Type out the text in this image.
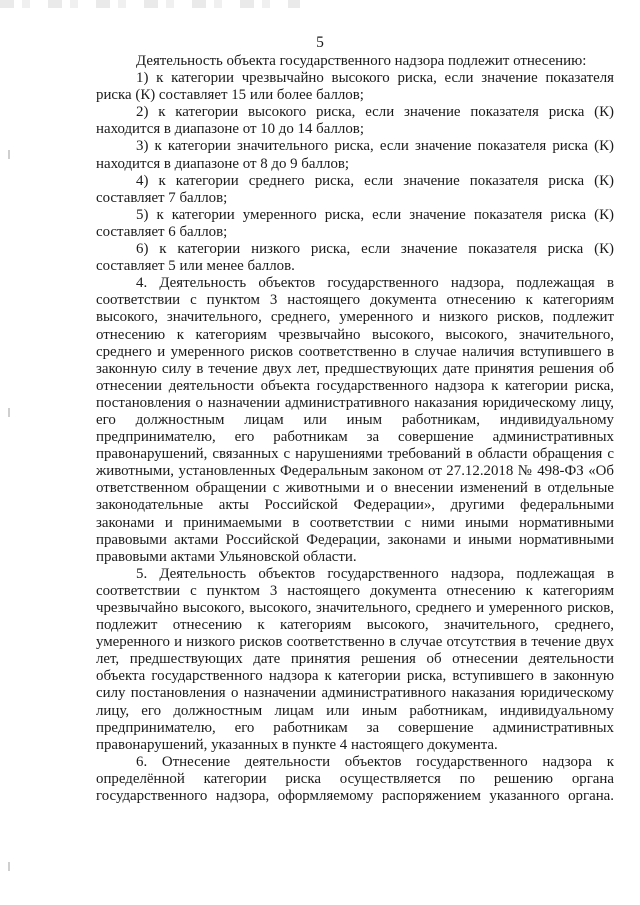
5

Деятельность объекта государственного надзора подлежит отнесению:

1) к категории чрезвычайно высокого риска, если значение показателя риска (К) составляет 15 или более баллов;

2) к категории высокого риска, если значение показателя риска (К) находится в диапазоне от 10 до 14 баллов;

3) к категории значительного риска, если значение показателя риска (К) находится в диапазоне от 8 до 9 баллов;

4) к категории среднего риска, если значение показателя риска (К) составляет 7 баллов;

5) к категории умеренного риска, если значение показателя риска (К) составляет 6 баллов;

6) к категории низкого риска, если значение показателя риска (К) составляет 5 или менее баллов.

4. Деятельность объектов государственного надзора, подлежащая в соответствии с пунктом 3 настоящего документа отнесению к категориям высокого, значительного, среднего, умеренного и низкого рисков, подлежит отнесению к категориям чрезвычайно высокого, высокого, значительного, среднего и умеренного рисков соответственно в случае наличия вступившего в законную силу в течение двух лет, предшествующих дате принятия решения об отнесении деятельности объекта государственного надзора к категории риска, постановления о назначении административного наказания юридическому лицу, его должностным лицам или иным работникам, индивидуальному предпринимателю, его работникам за совершение административных правонарушений, связанных с нарушениями требований в области обращения с животными, установленных Федеральным законом от 27.12.2018 № 498-ФЗ «Об ответственном обращении с животными и о внесении изменений в отдельные законодательные акты Российской Федерации», другими федеральными законами и принимаемыми в соответствии с ними иными нормативными правовыми актами Российской Федерации, законами и иными нормативными правовыми актами Ульяновской области.

5. Деятельность объектов государственного надзора, подлежащая в соответствии с пунктом 3 настоящего документа отнесению к категориям чрезвычайно высокого, высокого, значительного, среднего и умеренного рисков, подлежит отнесению к категориям высокого, значительного, среднего, умеренного и низкого рисков соответственно в случае отсутствия в течение двух лет, предшествующих дате принятия решения об отнесении деятельности объекта государственного надзора к категории риска, вступившего в законную силу постановления о назначении административного наказания юридическому лицу, его должностным лицам или иным работникам, индивидуальному предпринимателю, его работникам за совершение административных правонарушений, указанных в пункте 4 настоящего документа.

6. Отнесение деятельности объектов государственного надзора к определённой категории риска осуществляется по решению органа государственного надзора, оформляемому распоряжением указанного органа.
